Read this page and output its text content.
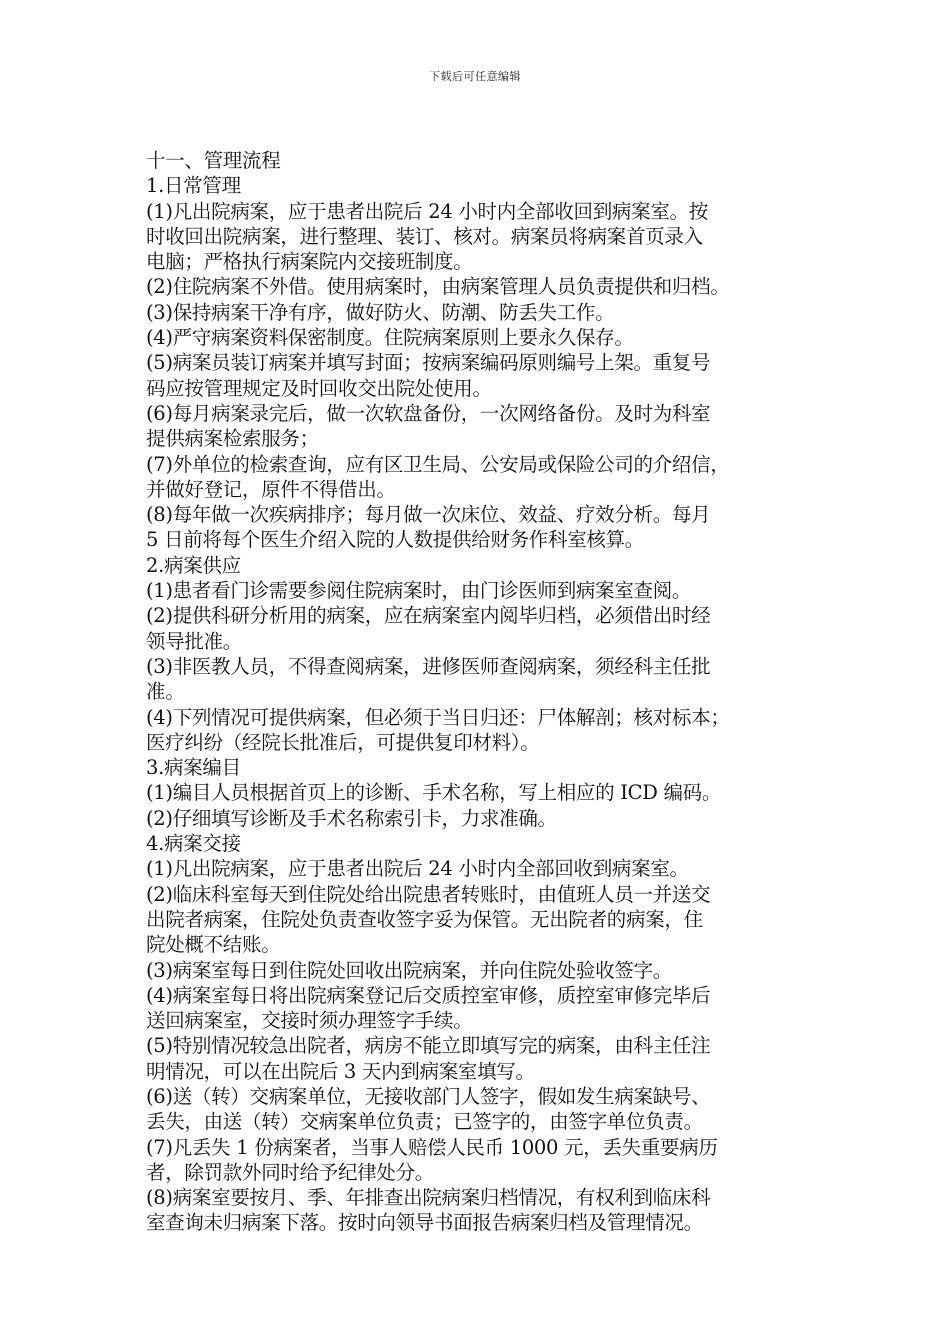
下载后可任意编辑
十一、管理流程
1.日常管理
(1)凡出院病案，应于患者出院后 24 小时内全部收回到病案室。按
时收回出院病案，进行整理、装订、核对。病案员将病案首页录入
电脑；严格执行病案院内交接班制度。
(2)住院病案不外借。使用病案时，由病案管理人员负责提供和归档。
(3)保持病案干净有序，做好防火、防潮、防丢失工作。
(4)严守病案资料保密制度。住院病案原则上要永久保存。
(5)病案员装订病案并填写封面；按病案编码原则编号上架。重复号
码应按管理规定及时回收交出院处使用。
(6)每月病案录完后，做一次软盘备份，一次网络备份。及时为科室
提供病案检索服务；
(7)外单位的检索查询，应有区卫生局、公安局或保险公司的介绍信，
并做好登记，原件不得借出。
(8)每年做一次疾病排序；每月做一次床位、效益、疗效分析。每月
5 日前将每个医生介绍入院的人数提供给财务作科室核算。
2.病案供应
(1)患者看门诊需要参阅住院病案时，由门诊医师到病案室查阅。
(2)提供科研分析用的病案，应在病案室内阅毕归档，必须借出时经
领导批准。
(3)非医教人员，不得查阅病案，进修医师查阅病案，须经科主任批
准。
(4)下列情况可提供病案，但必须于当日归还：尸体解剖；核对标本；
医疗纠纷（经院长批准后，可提供复印材料）。
3.病案编目
(1)编目人员根据首页上的诊断、手术名称，写上相应的 ICD 编码。
(2)仔细填写诊断及手术名称索引卡，力求准确。
4.病案交接
(1)凡出院病案，应于患者出院后 24 小时内全部回收到病案室。
(2)临床科室每天到住院处给出院患者转账时，由值班人员一并送交
出院者病案，住院处负责查收签字妥为保管。无出院者的病案，住
院处概不结账。
(3)病案室每日到住院处回收出院病案，并向住院处验收签字。
(4)病案室每日将出院病案登记后交质控室审修，质控室审修完毕后
送回病案室，交接时须办理签字手续。
(5)特别情况较急出院者，病房不能立即填写完的病案，由科主任注
明情况，可以在出院后 3 天内到病案室填写。
(6)送（转）交病案单位，无接收部门人签字，假如发生病案缺号、
丢失，由送（转）交病案单位负责；已签字的，由签字单位负责。
(7)凡丢失 1 份病案者，当事人赔偿人民币 1000 元，丢失重要病历
者，除罚款外同时给予纪律处分。
(8)病案室要按月、季、年排查出院病案归档情况，有权利到临床科
室查询未归病案下落。按时向领导书面报告病案归档及管理情况。
